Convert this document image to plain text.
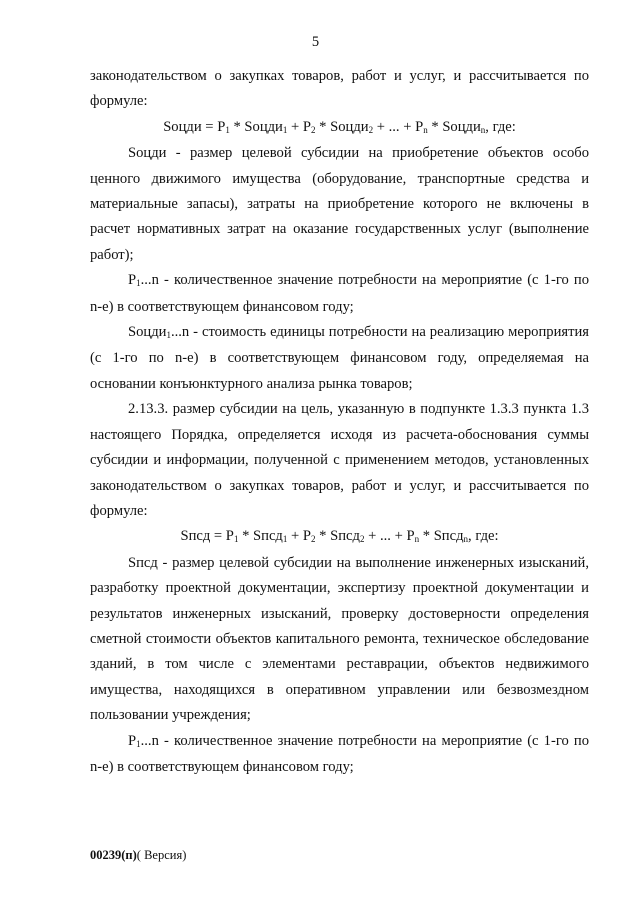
5

законодательством о закупках товаров, работ и услуг, и рассчитывается по формуле:

Sоцди = $P_1$ * Sоцди$_1$ + $P_2$ * Sоцди$_2$ + ... + $P_n$ * Sоцди$_n$, где:

Sоцди - размер целевой субсидии на приобретение объектов особо ценного движимого имущества (оборудование, транспортные средства и материальные запасы), затраты на приобретение которого не включены в расчет нормативных затрат на оказание государственных услуг (выполнение работ);

$P_1...n$ - количественное значение потребности на мероприятие (с 1-го по n-е) в соответствующем финансовом году;

Sоцди$_1$...n - стоимость единицы потребности на реализацию мероприятия (с 1-го по n-е) в соответствующем финансовом году, определяемая на основании конъюнктурного анализа рынка товаров;

2.13.3. размер субсидии на цель, указанную в подпункте 1.3.3 пункта 1.3 настоящего Порядка, определяется исходя из расчета-обоснования суммы субсидии и информации, полученной с применением методов, установленных законодательством о закупках товаров, работ и услуг, и рассчитывается по формуле:

Sпсд = $P_1$ * Sпсд$_1$ + $P_2$ * Sпсд$_2$ + ... + $P_n$ * Sпсд$_n$, где:

Sпсд - размер целевой субсидии на выполнение инженерных изысканий, разработку проектной документации, экспертизу проектной документации и результатов инженерных изысканий, проверку достоверности определения сметной стоимости объектов капитального ремонта, техническое обследование зданий, в том числе с элементами реставрации, объектов недвижимого имущества, находящихся в оперативном управлении или безвозмездном пользовании учреждения;

$P_1...n$ - количественное значение потребности на мероприятие (с 1-го по n-е) в соответствующем финансовом году;

00239(п)( Версия)
